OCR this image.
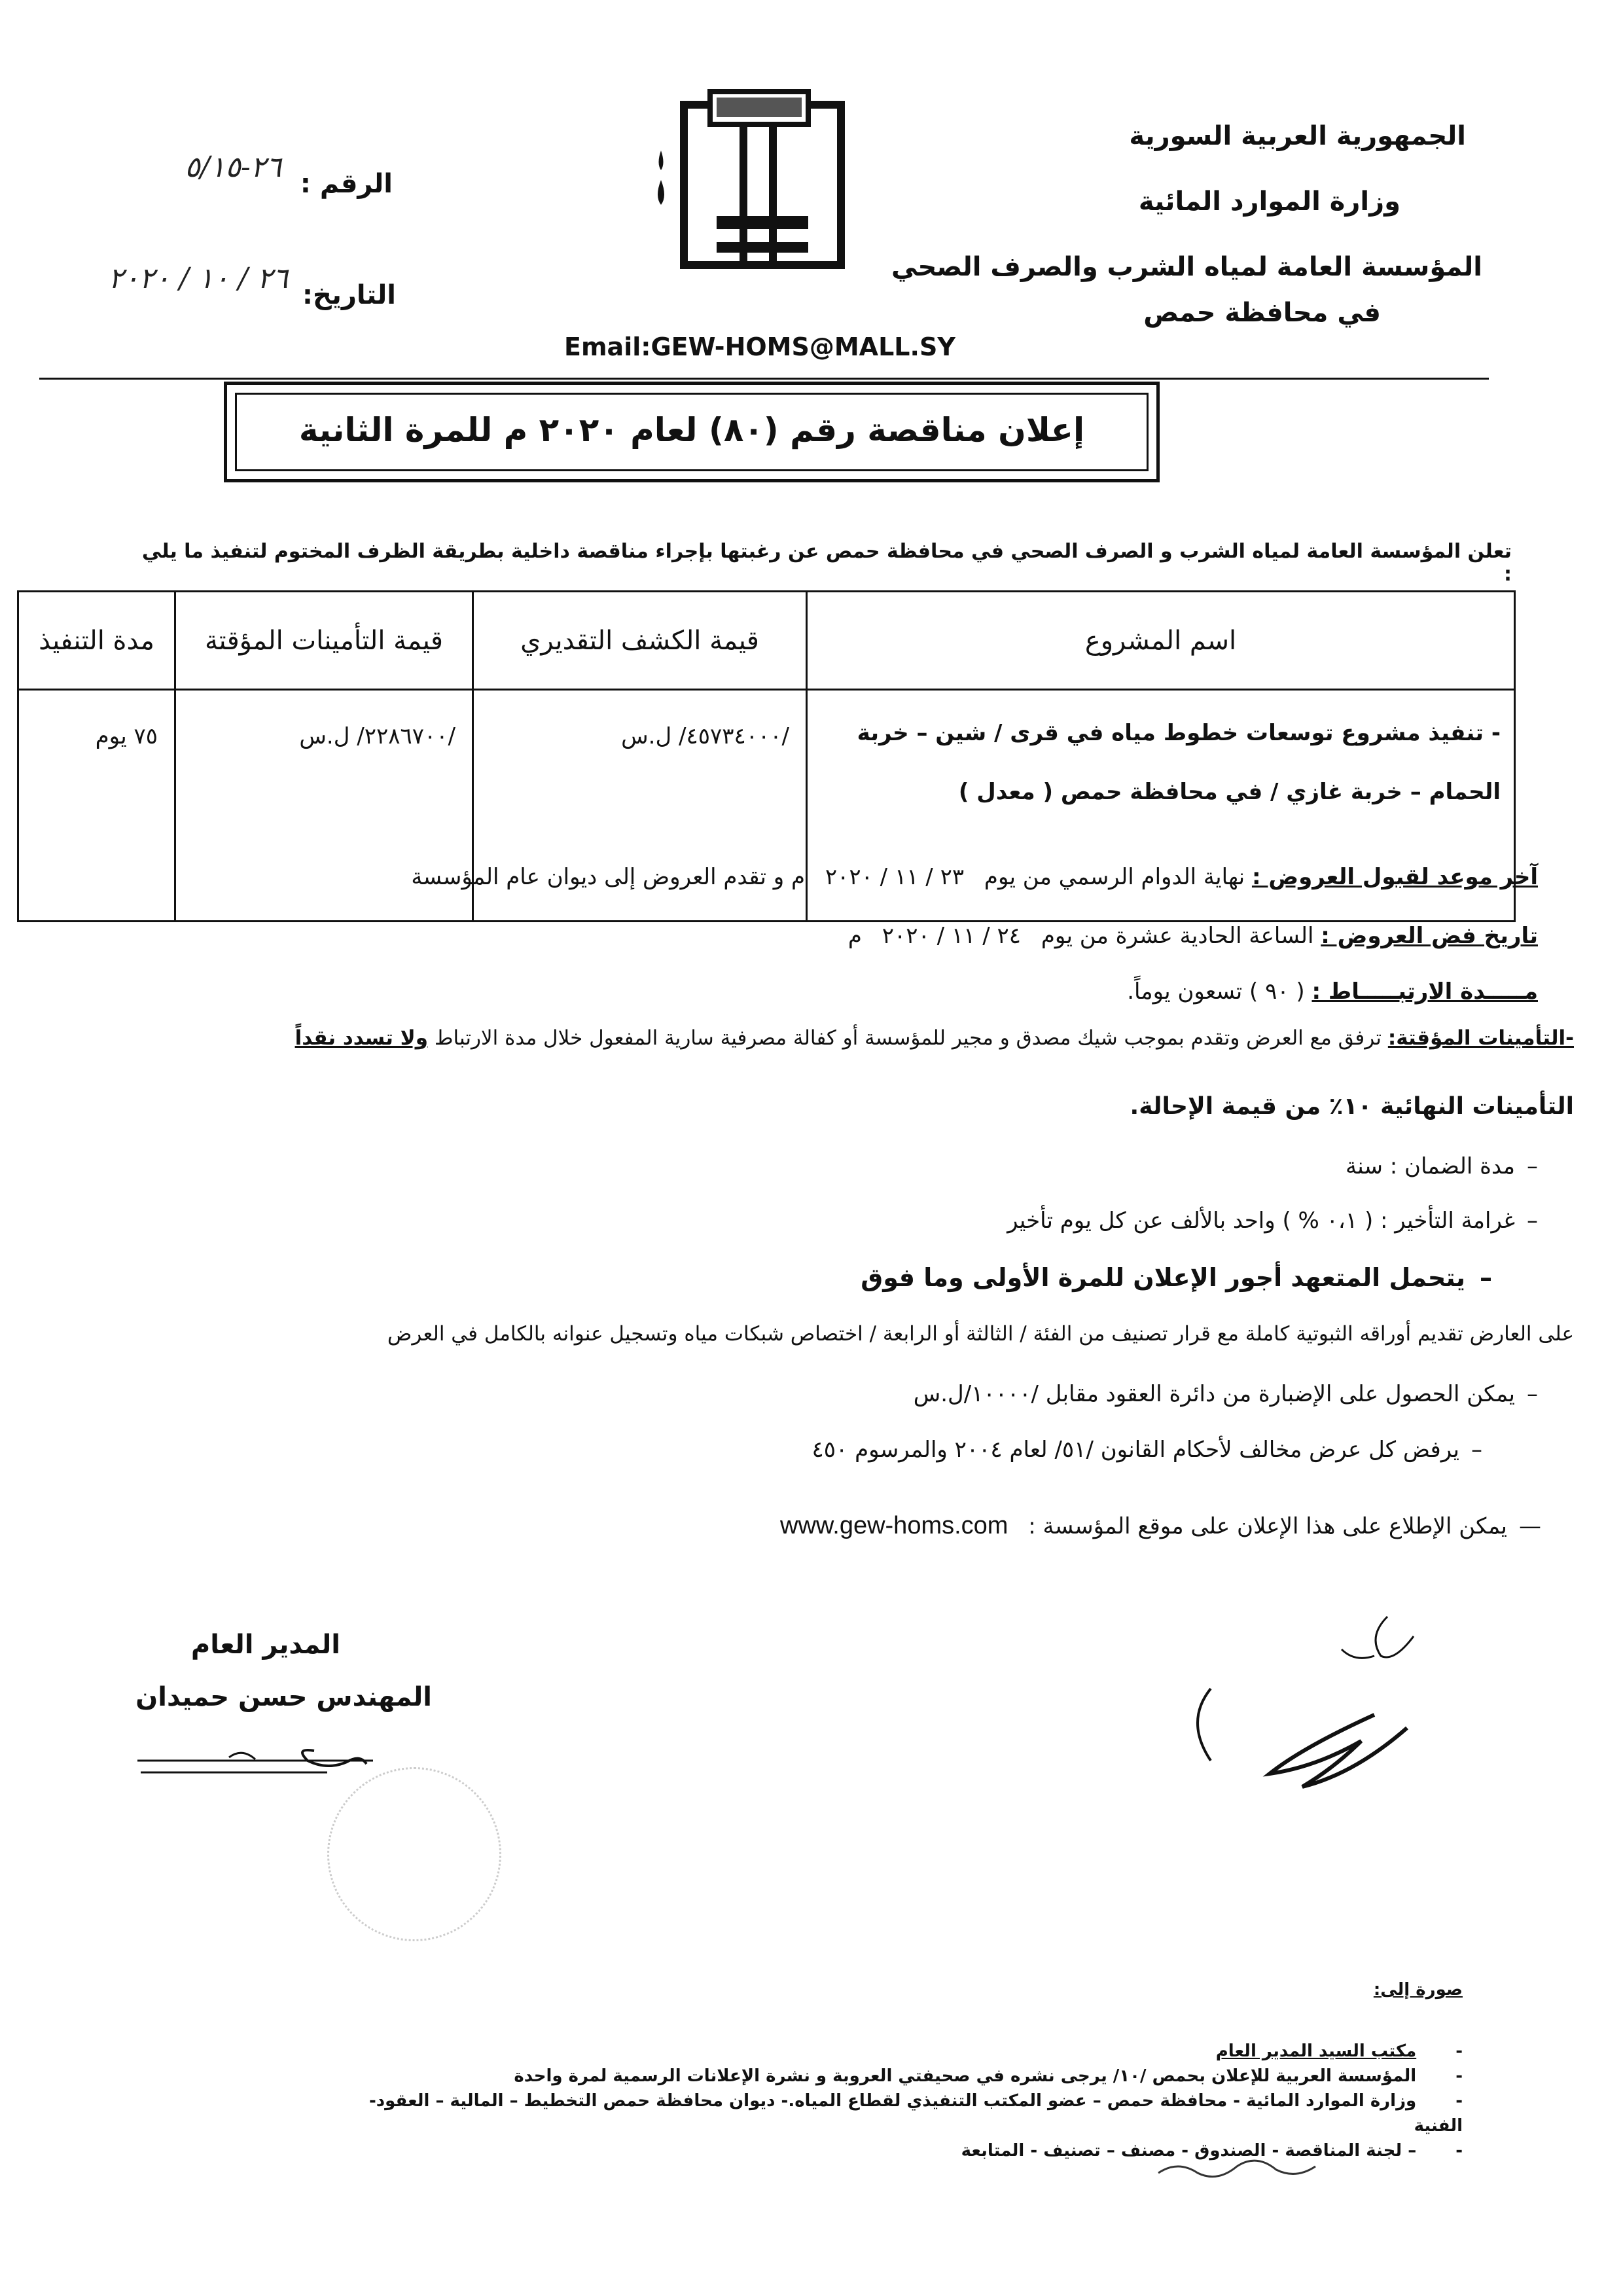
الجمهورية العربية السورية
وزارة الموارد المائية
المؤسسة العامة لمياه الشرب والصرف الصحي
في محافظة حمص
الرقم :
٢٦-٥/١٥
التاريخ:
٢٦ / ١٠ / ٢٠٢٠
Email:GEW-HOMS@MALL.SY
إعلان مناقصة رقم (٨٠) لعام ٢٠٢٠ م للمرة الثانية
تعلن المؤسسة العامة لمياه الشرب و الصرف الصحي في محافظة حمص عن رغبتها بإجراء مناقصة داخلية بطريقة الظرف المختوم لتنفيذ ما يلي :
مدة التنفيذ	قيمة التأمينات المؤقتة	قيمة الكشف التقديري	اسم المشروع
٧٥ يوم	/٢٢٨٦٧٠٠/ ل.س	/٤٥٧٣٤٠٠٠/ ل.س	- تنفيذ مشروع توسعات خطوط مياه في قرى / شين – خربة
الحمام – خربة غازي / في محافظة حمص ( معدل )
آخر موعد لقبول العروض : نهاية الدوام الرسمي من يوم ٢٣ / ١١ / ٢٠٢٠ م و تقدم العروض إلى ديوان عام المؤسسة
تاريخ فض العروض : الساعة الحادية عشرة من يوم ٢٤ / ١١ / ٢٠٢٠ م
مـــــدة الارتبـــــاط : ( ٩٠ ) تسعون يوماً.
-التأمينات المؤقتة: ترفق مع العرض وتقدم بموجب شيك مصدق و مجير للمؤسسة أو كفالة مصرفية سارية المفعول خلال مدة الارتباط ولا تسدد نقداً
التأمينات النهائية ١٠٪ من قيمة الإحالة.
–مدة الضمان : سنة
–غرامة التأخير : ( ٠،١ % ) واحد بالألف عن كل يوم تأخير
–يتحمل المتعهد أجور الإعلان للمرة الأولى وما فوق
على العارض تقديم أوراقه الثبوتية كاملة مع قرار تصنيف من الفئة / الثالثة أو الرابعة / اختصاص شبكات مياه وتسجيل عنوانه بالكامل في العرض
–يمكن الحصول على الإضبارة من دائرة العقود مقابل /١٠٠٠٠/ل.س
–يرفض كل عرض مخالف لأحكام القانون /٥١/ لعام ٢٠٠٤ والمرسوم ٤٥٠
—يمكن الإطلاع على هذا الإعلان على موقع المؤسسة : www.gew-homs.com
المدير العام
المهندس حسن حميدان
صورة إلى:
-مكتب السيد المدير العام
-المؤسسة العربية للإعلان بحمص /١٠/ يرجى نشره في صحيفتي العروبة و نشرة الإعلانات الرسمية لمرة واحدة
-وزارة الموارد المائية - محافظة حمص – عضو المكتب التنفيذي لقطاع المياه.- ديوان محافظة حمص التخطيط – المالية – العقود- الفنية
-– لجنة المناقصة - الصندوق - مصنف – تصنيف - المتابعة
